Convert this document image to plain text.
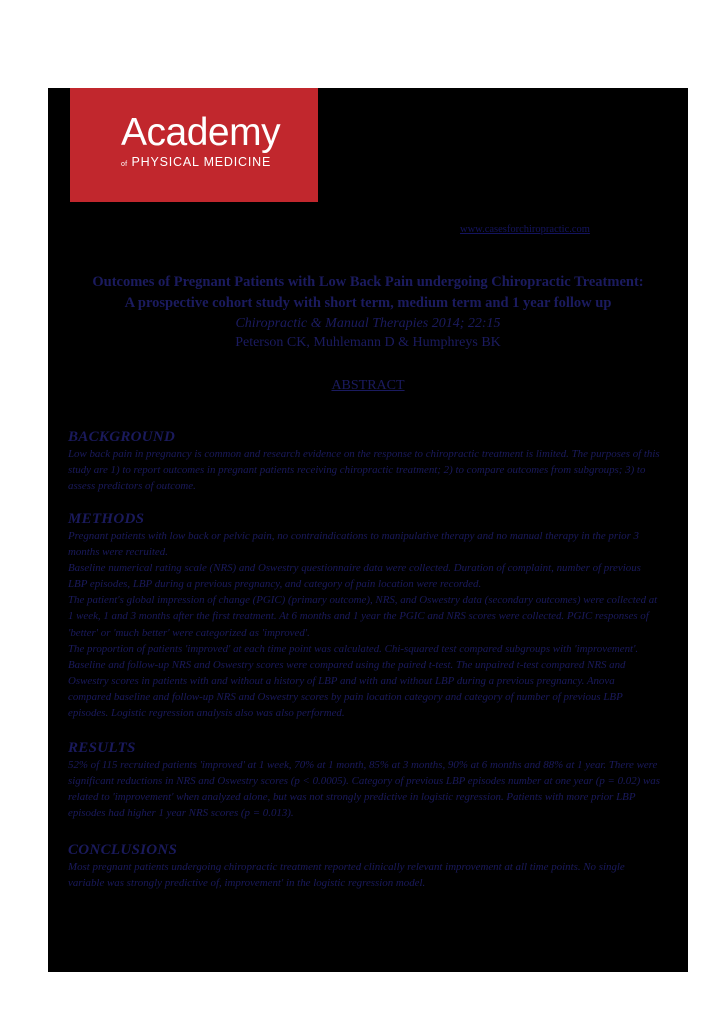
Academy
of PHYSICAL MEDICINE
www.casesforchiropractic.com
Outcomes of Pregnant Patients with Low Back Pain undergoing Chiropractic Treatment:
A prospective cohort study with short term, medium term and 1 year follow up
Chiropractic & Manual Therapies 2014; 22:15
Peterson CK, Muhlemann D & Humphreys BK
ABSTRACT
BACKGROUND

Low back pain in pregnancy is common and research evidence on the response to chiropractic treatment is limited. The purposes of this study are 1) to report outcomes in pregnant patients receiving chiropractic treatment; 2) to compare outcomes from subgroups; 3) to assess predictors of outcome.

METHODS

Pregnant patients with low back or pelvic pain, no contraindications to manipulative therapy and no manual therapy in the prior 3 months were recruited.

Baseline numerical rating scale (NRS) and Oswestry questionnaire data were collected. Duration of complaint, number of previous LBP episodes, LBP during a previous pregnancy, and category of pain location were recorded.

The patient's global impression of change (PGIC) (primary outcome), NRS, and Oswestry data (secondary outcomes) were collected at 1 week, 1 and 3 months after the first treatment. At 6 months and 1 year the PGIC and NRS scores were collected. PGIC responses of 'better' or 'much better' were categorized as 'improved'.

The proportion of patients 'improved' at each time point was calculated. Chi-squared test compared subgroups with 'improvement'. Baseline and follow-up NRS and Oswestry scores were compared using the paired t-test. The unpaired t-test compared NRS and Oswestry scores in patients with and without a history of LBP and with and without LBP during a previous pregnancy. Anova compared baseline and follow-up NRS and Oswestry scores by pain location category and category of number of previous LBP episodes. Logistic regression analysis also was also performed.

RESULTS

52% of 115 recruited patients 'improved' at 1 week, 70% at 1 month, 85% at 3 months, 90% at 6 months and 88% at 1 year. There were significant reductions in NRS and Oswestry scores (p < 0.0005). Category of previous LBP episodes number at one year (p = 0.02) was related to 'improvement' when analyzed alone, but was not strongly predictive in logistic regression. Patients with more prior LBP episodes had higher 1 year NRS scores (p = 0.013).

CONCLUSIONS

Most pregnant patients undergoing chiropractic treatment reported clinically relevant improvement at all time points. No single variable was strongly predictive of, improvement' in the logistic regression model.
